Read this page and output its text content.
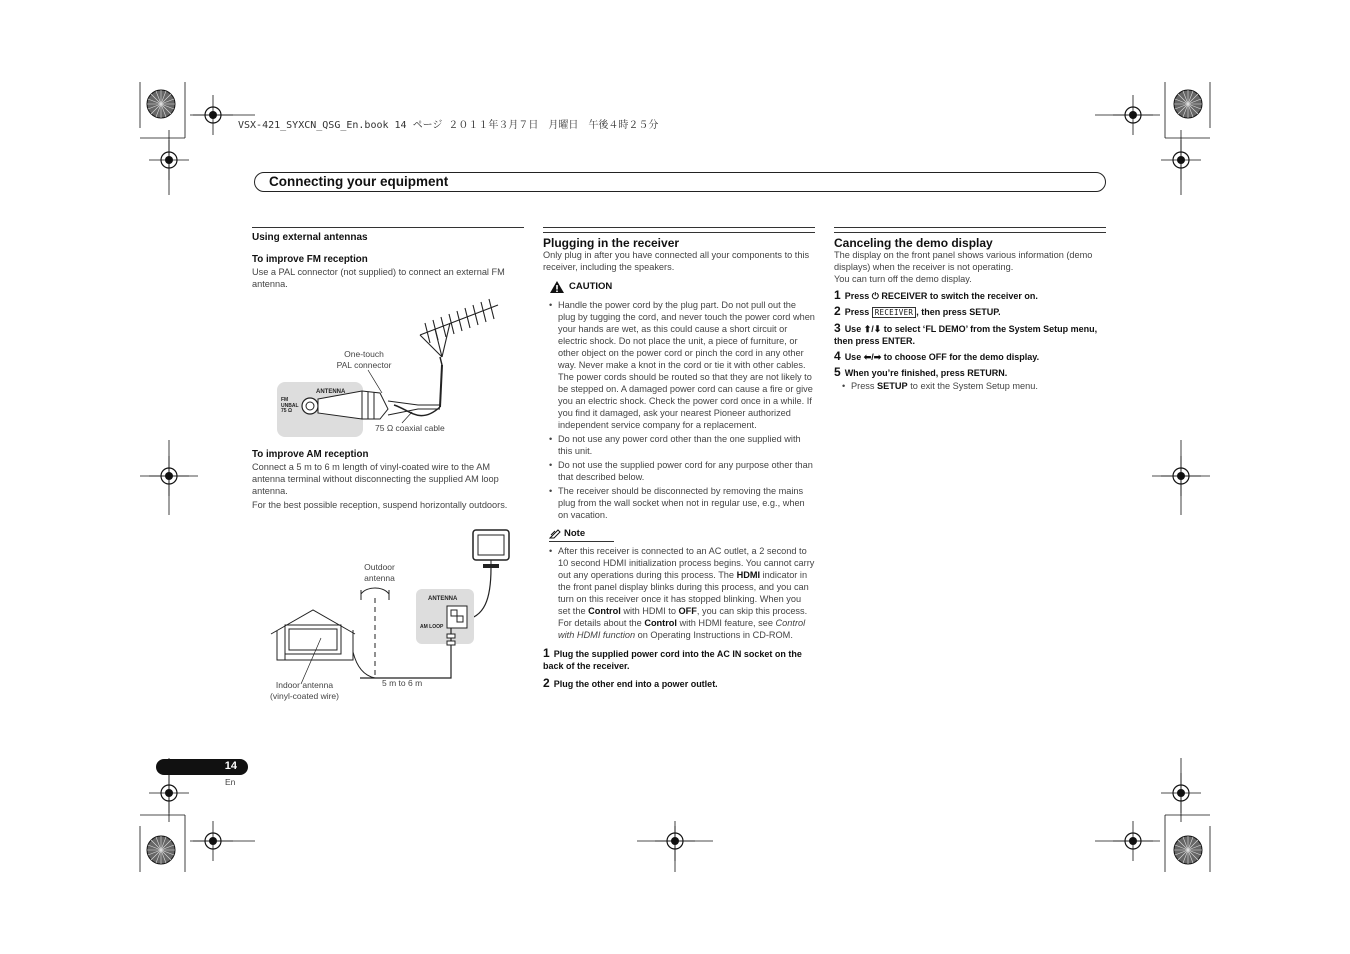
VSX-421_SYXCN_QSG_En.book 14 ページ ２０１１年３月７日　月曜日　午後４時２５分
Connecting your equipment
Using external antennas
To improve FM reception

Use a PAL connector (not supplied) to connect an external FM antenna.

One-touch
PAL connector
75 Ω coaxial cable
ANTENNA
FM
UNBAL
75 Ω
To improve AM reception

Connect a 5 m to 6 m length of vinyl-coated wire to the AM antenna terminal without disconnecting the supplied AM loop antenna.

For the best possible reception, suspend horizontally outdoors.

Outdoor
antenna
Indoor antenna
(vinyl-coated wire)
5 m to 6 m
ANTENNA
AM LOOP
Plugging in the receiver

Only plug in after you have connected all your components to this receiver, including the speakers.

CAUTION
• Handle the power cord by the plug part. Do not pull out the plug by tugging the cord, and never touch the power cord when your hands are wet, as this could cause a short circuit or electric shock. Do not place the unit, a piece of furniture, or other object on the power cord or pinch the cord in any other way. Never make a knot in the cord or tie it with other cables. The power cords should be routed so that they are not likely to be stepped on. A damaged power cord can cause a fire or give you an electric shock. Check the power cord once in a while. If you find it damaged, ask your nearest Pioneer authorized independent service company for a replacement.
• Do not use any power cord other than the one supplied with this unit.
• Do not use the supplied power cord for any purpose other than that described below.
• The receiver should be disconnected by removing the mains plug from the wall socket when not in regular use, e.g., when on vacation.
Note
• After this receiver is connected to an AC outlet, a 2 second to 10 second HDMI initialization process begins. You cannot carry out any operations during this process. The HDMI indicator in the front panel display blinks during this process, and you can turn on this receiver once it has stopped blinking. When you set the Control with HDMI to OFF, you can skip this process. For details about the Control with HDMI feature, see Control with HDMI function on Operating Instructions in CD-ROM.
1 Plug the supplied power cord into the AC IN socket on the back of the receiver.
2 Plug the other end into a power outlet.
Canceling the demo display

The display on the front panel shows various information (demo displays) when the receiver is not operating.

You can turn off the demo display.

1 Press ⏻ RECEIVER to switch the receiver on.
2 Press RECEIVER , then press SETUP.
3 Use ⬆/⬇ to select ‘FL DEMO’ from the System Setup menu, then press ENTER.
4 Use ⬅/➡ to choose OFF for the demo display.
5 When you’re finished, press RETURN.
• Press SETUP to exit the System Setup menu.
14
En
